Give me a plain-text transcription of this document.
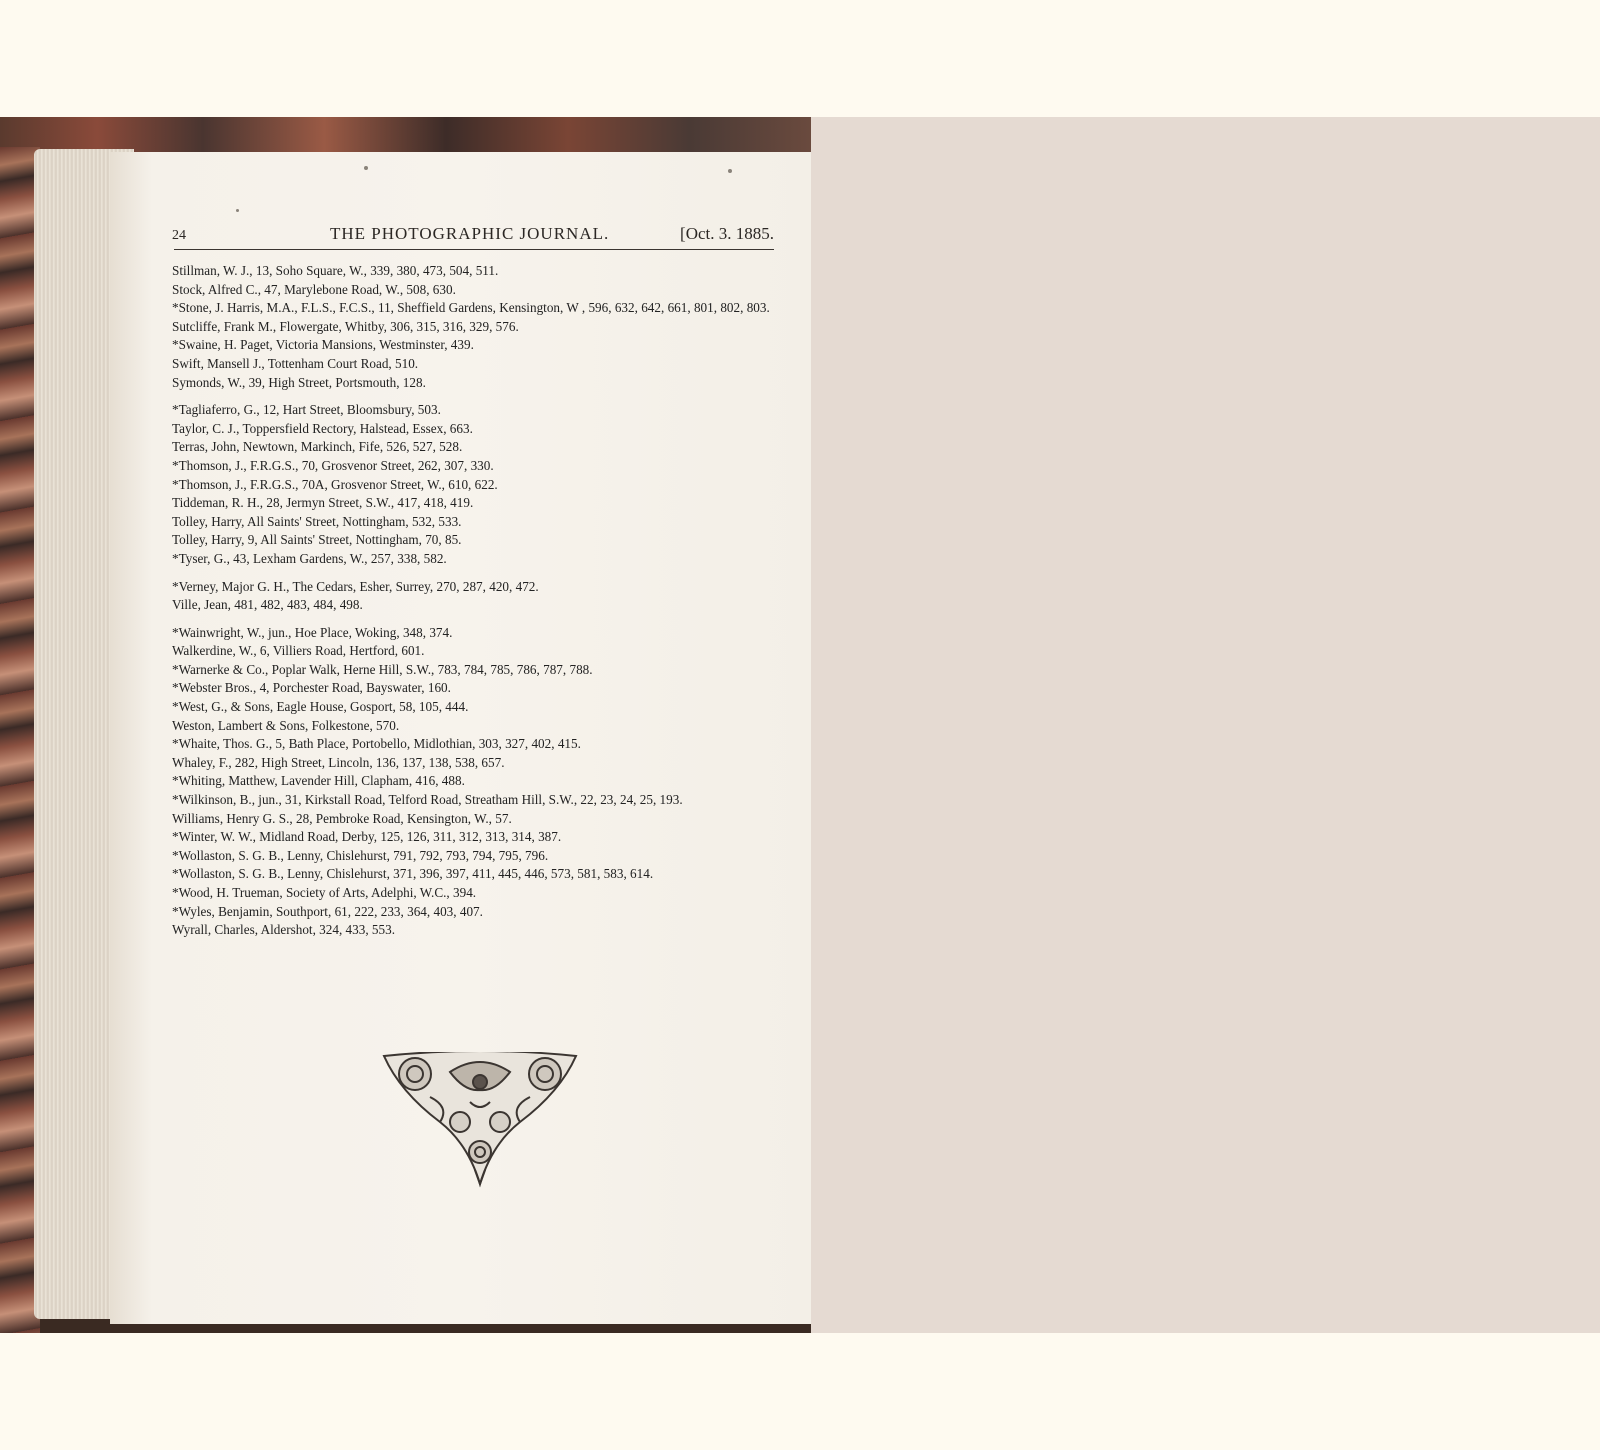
24	THE PHOTOGRAPHIC JOURNAL.	[Oct. 3. 1885.
Stillman, W. J., 13, Soho Square, W., 339, 380, 473, 504, 511.
Stock, Alfred C., 47, Marylebone Road, W., 508, 630.
*Stone, J. Harris, M.A., F.L.S., F.C.S., 11, Sheffield Gardens, Kensington, W , 596, 632, 642, 661, 801, 802, 803.
Sutcliffe, Frank M., Flowergate, Whitby, 306, 315, 316, 329, 576.
*Swaine, H. Paget, Victoria Mansions, Westminster, 439.
Swift, Mansell J., Tottenham Court Road, 510.
Symonds, W., 39, High Street, Portsmouth, 128.
*Tagliaferro, G., 12, Hart Street, Bloomsbury, 503.
Taylor, C. J., Toppersfield Rectory, Halstead, Essex, 663.
Terras, John, Newtown, Markinch, Fife, 526, 527, 528.
*Thomson, J., F.R.G.S., 70, Grosvenor Street, 262, 307, 330.
*Thomson, J., F.R.G.S., 70A, Grosvenor Street, W., 610, 622.
Tiddeman, R. H., 28, Jermyn Street, S.W., 417, 418, 419.
Tolley, Harry, All Saints' Street, Nottingham, 532, 533.
Tolley, Harry, 9, All Saints' Street, Nottingham, 70, 85.
*Tyser, G., 43, Lexham Gardens, W., 257, 338, 582.
*Verney, Major G. H., The Cedars, Esher, Surrey, 270, 287, 420, 472.
Ville, Jean, 481, 482, 483, 484, 498.
*Wainwright, W., jun., Hoe Place, Woking, 348, 374.
Walkerdine, W., 6, Villiers Road, Hertford, 601.
*Warnerke & Co., Poplar Walk, Herne Hill, S.W., 783, 784, 785, 786, 787, 788.
*Webster Bros., 4, Porchester Road, Bayswater, 160.
*West, G., & Sons, Eagle House, Gosport, 58, 105, 444.
Weston, Lambert & Sons, Folkestone, 570.
*Whaite, Thos. G., 5, Bath Place, Portobello, Midlothian, 303, 327, 402, 415.
Whaley, F., 282, High Street, Lincoln, 136, 137, 138, 538, 657.
*Whiting, Matthew, Lavender Hill, Clapham, 416, 488.
*Wilkinson, B., jun., 31, Kirkstall Road, Telford Road, Streatham Hill, S.W., 22, 23, 24, 25, 193.
Williams, Henry G. S., 28, Pembroke Road, Kensington, W., 57.
*Winter, W. W., Midland Road, Derby, 125, 126, 311, 312, 313, 314, 387.
*Wollaston, S. G. B., Lenny, Chislehurst, 791, 792, 793, 794, 795, 796.
*Wollaston, S. G. B., Lenny, Chislehurst, 371, 396, 397, 411, 445, 446, 573, 581, 583, 614.
*Wood, H. Trueman, Society of Arts, Adelphi, W.C., 394.
*Wyles, Benjamin, Southport, 61, 222, 233, 364, 403, 407.
Wyrall, Charles, Aldershot, 324, 433, 553.
